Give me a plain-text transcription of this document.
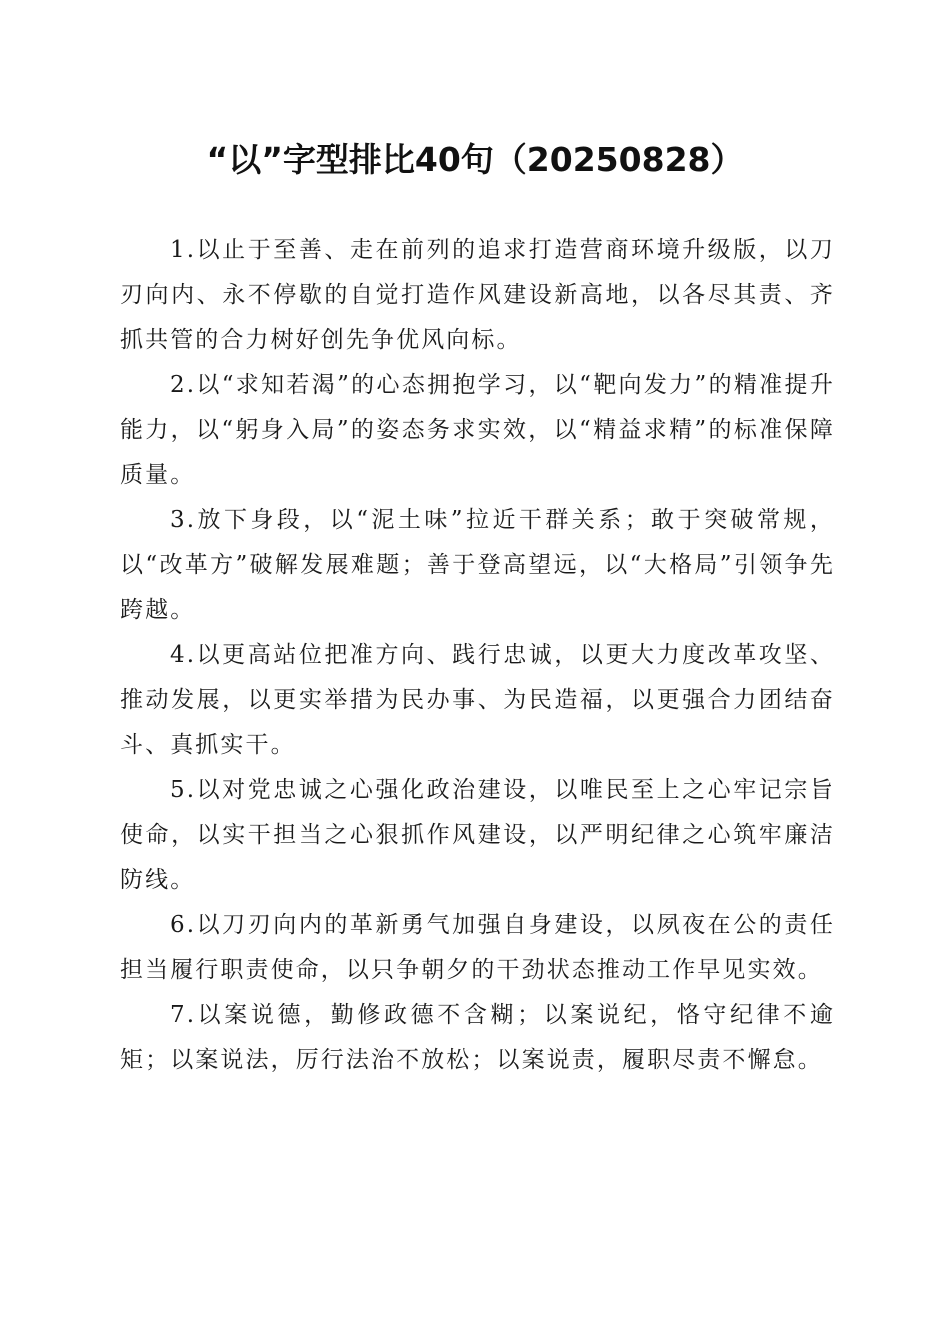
“以”字型排比40句（20250828）

1.以止于至善、走在前列的追求打造营商环境升级版，以刀刃向内、永不停歇的自觉打造作风建设新高地，以各尽其责、齐抓共管的合力树好创先争优风向标。

2.以“求知若渴”的心态拥抱学习，以“靶向发力”的精准提升能力，以“躬身入局”的姿态务求实效，以“精益求精”的标准保障质量。

3.放下身段，以“泥土味”拉近干群关系；敢于突破常规，以“改革方”破解发展难题；善于登高望远，以“大格局”引领争先跨越。

4.以更高站位把准方向、践行忠诚，以更大力度改革攻坚、推动发展，以更实举措为民办事、为民造福，以更强合力团结奋斗、真抓实干。

5.以对党忠诚之心强化政治建设，以唯民至上之心牢记宗旨使命，以实干担当之心狠抓作风建设，以严明纪律之心筑牢廉洁防线。

6.以刀刃向内的革新勇气加强自身建设，以夙夜在公的责任担当履行职责使命，以只争朝夕的干劲状态推动工作早见实效。

7.以案说德，勤修政德不含糊；以案说纪，恪守纪律不逾矩；以案说法，厉行法治不放松；以案说责，履职尽责不懈怠。
